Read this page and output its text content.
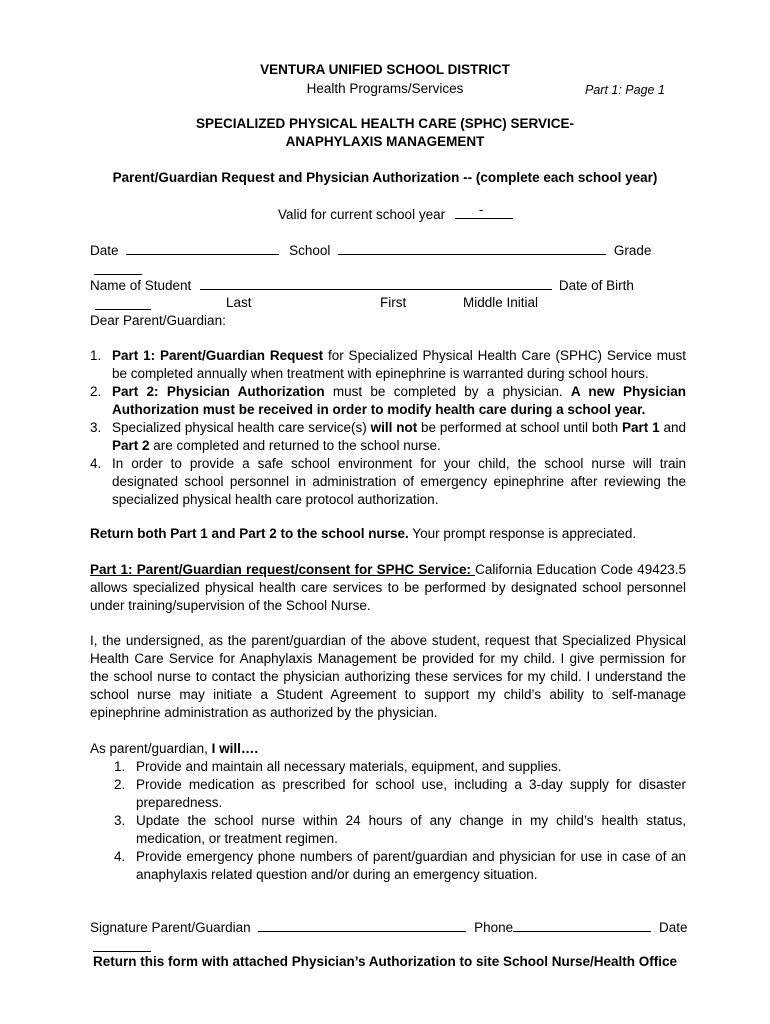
VENTURA UNIFIED SCHOOL DISTRICT
Health Programs/Services	Part 1: Page 1
SPECIALIZED PHYSICAL HEALTH CARE (SPHC) SERVICE-
ANAPHYLAXIS MANAGEMENT
Parent/Guardian Request and Physician Authorization -- (complete each school year)
Valid for current school year	-
Date	School	Grade
Name of Student	Date of Birth
Last	First	Middle Initial
Dear Parent/Guardian:
1. Part 1: Parent/Guardian Request for Specialized Physical Health Care (SPHC) Service must be completed annually when treatment with epinephrine is warranted during school hours.
2. Part 2: Physician Authorization must be completed by a physician. A new Physician Authorization must be received in order to modify health care during a school year.
3. Specialized physical health care service(s) will not be performed at school until both Part 1 and Part 2 are completed and returned to the school nurse.
4. In order to provide a safe school environment for your child, the school nurse will train designated school personnel in administration of emergency epinephrine after reviewing the specialized physical health care protocol authorization.
Return both Part 1 and Part 2 to the school nurse. Your prompt response is appreciated.
Part 1: Parent/Guardian request/consent for SPHC Service: California Education Code 49423.5 allows specialized physical health care services to be performed by designated school personnel under training/supervision of the School Nurse.
I, the undersigned, as the parent/guardian of the above student, request that Specialized Physical Health Care Service for Anaphylaxis Management be provided for my child. I give permission for the school nurse to contact the physician authorizing these services for my child. I understand the school nurse may initiate a Student Agreement to support my child’s ability to self-manage epinephrine administration as authorized by the physician.
As parent/guardian, I will….
1. Provide and maintain all necessary materials, equipment, and supplies.
2. Provide medication as prescribed for school use, including a 3-day supply for disaster preparedness.
3. Update the school nurse within 24 hours of any change in my child’s health status, medication, or treatment regimen.
4. Provide emergency phone numbers of parent/guardian and physician for use in case of an anaphylaxis related question and/or during an emergency situation.
Signature Parent/Guardian	Phone	Date
Return this form with attached Physician’s Authorization to site School Nurse/Health Office
